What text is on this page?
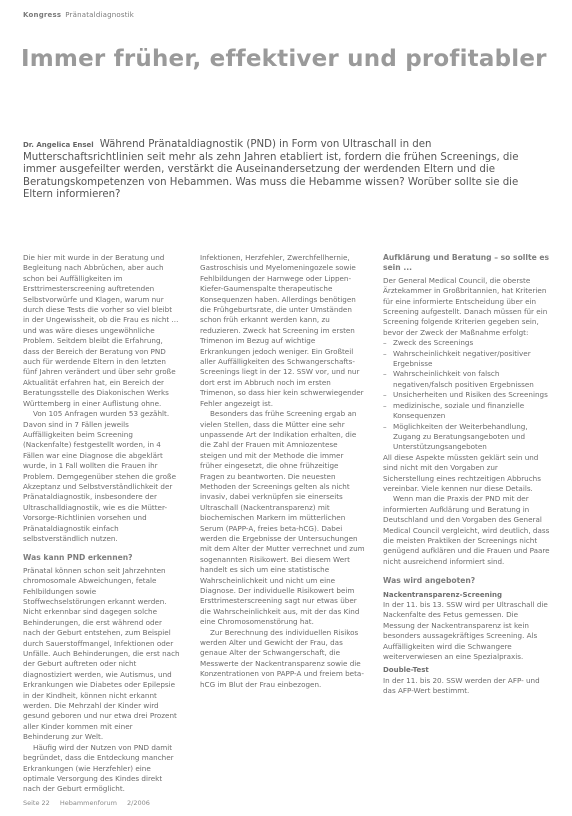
Kongress Pränataldiagnostik
Immer früher, effektiver und profitabler

Dr. Angelica Ensel Während Pränataldiagnostik (PND) in Form von Ultraschall in den Mutterschaftsrichtlinien seit mehr als zehn Jahren etabliert ist, fordern die frühen Screenings, die immer ausgefeilter werden, verstärkt die Auseinandersetzung der werdenden Eltern und die Beratungskompetenzen von Hebammen. Was muss die Hebamme wissen? Worüber sollte sie die Eltern informieren?

Die hier mit wurde in der Beratung und Begleitung nach Abbrüchen, aber auch schon bei Auffälligkeiten im Ersttrimesterscreening auftretenden Selbstvorwürfe und Klagen, warum nur durch diese Tests die vorher so viel bleibt in der Ungewissheit, ob die Frau es nicht ... und was wäre dieses ungewöhnliche Problem. Seitdem bleibt die Erfahrung, dass der Bereich der Beratung von PND auch für werdende Eltern in den letzten fünf Jahren verändert und über sehr große Aktualität erfahren hat, ein Bereich der Beratungsstelle des Diakonischen Werks Württemberg in einer Auflistung ohne.

Von 105 Anfragen wurden 53 gezählt. Davon sind in 7 Fällen jeweils Auffälligkeiten beim Screening (Nackenfalte) festgestellt worden, in 4 Fällen war eine Diagnose die abgeklärt wurde, in 1 Fall wollten die Frauen ihr Problem. Demgegenüber stehen die große Akzeptanz und Selbstverständlichkeit der Pränataldiagnostik, insbesondere der Ultraschalldiagnostik, wie es die Mütter-Vorsorge-Richtlinien vorsehen und Pränataldiagnostik einfach selbstverständlich nutzen.

Was kann PND erkennen?

Pränatal können schon seit Jahrzehnten chromosomale Abweichungen, fetale Fehlbildungen sowie Stoffwechselstörungen erkannt werden. Nicht erkennbar sind dagegen solche Behinderungen, die erst während oder nach der Geburt entstehen, zum Beispiel durch Sauerstoffmangel, Infektionen oder Unfälle. Auch Behinderungen, die erst nach der Geburt auftreten oder nicht diagnostiziert werden, wie Autismus, und Erkrankungen wie Diabetes oder Epilepsie in der Kindheit, können nicht erkannt werden. Die Mehrzahl der Kinder wird gesund geboren und nur etwa drei Prozent aller Kinder kommen mit einer Behinderung zur Welt.

Häufig wird der Nutzen von PND damit begründet, dass die Entdeckung mancher Erkrankungen (wie Herzfehler) eine optimale Versorgung des Kindes direkt nach der Geburt ermöglicht.

Infektionen, Herzfehler, Zwerchfellhernie, Gastroschisis und Myelomeningozele sowie Fehlbildungen der Harnwege oder Lippen-Kiefer-Gaumenspalte therapeutische Konsequenzen haben. Allerdings benötigen die Frühgeburtsrate, die unter Umständen schon früh erkannt werden kann, zu reduzieren. Zweck hat Screening im ersten Trimenon im Bezug auf wichtige Erkrankungen jedoch weniger. Ein Großteil aller Auffälligkeiten des Schwangerschafts-Screenings liegt in der 12. SSW vor, und nur dort erst im Abbruch noch im ersten Trimenon, so dass hier kein schwerwiegender Fehler angezeigt ist.

Besonders das frühe Screening ergab an vielen Stellen, dass die Mütter eine sehr unpassende Art der Indikation erhalten, die die Zahl der Frauen mit Amniozentese steigen und mit der Methode die immer früher eingesetzt, die ohne frühzeitige Fragen zu beantworten. Die neuesten Methoden der Screenings gelten als nicht invasiv, dabei verknüpfen sie einerseits Ultraschall (Nackentransparenz) mit biochemischen Markern im mütterlichen Serum (PAPP-A, freies beta-hCG). Dabei werden die Ergebnisse der Untersuchungen mit dem Alter der Mutter verrechnet und zum sogenannten Risikowert. Bei diesem Wert handelt es sich um eine statistische Wahrscheinlichkeit und nicht um eine Diagnose. Der individuelle Risikowert beim Ersttrimesterscreening sagt nur etwas über die Wahrscheinlichkeit aus, mit der das Kind eine Chromosomenstörung hat.

Zur Berechnung des individuellen Risikos werden Alter und Gewicht der Frau, das genaue Alter der Schwangerschaft, die Messwerte der Nackentransparenz sowie die Konzentrationen von PAPP-A und freiem beta-hCG im Blut der Frau einbezogen.

Aufklärung und Beratung – so sollte es sein ...

Der General Medical Council, die oberste Ärztekammer in Großbritannien, hat Kriterien für eine informierte Entscheidung über ein Screening aufgestellt. Danach müssen für ein Screening folgende Kriterien gegeben sein, bevor der Zweck der Maßnahme erfolgt:

– Zweck des Screenings
– Wahrscheinlichkeit negativer/positiver Ergebnisse
– Wahrscheinlichkeit von falsch negativen/falsch positiven Ergebnissen
– Unsicherheiten und Risiken des Screenings
– medizinische, soziale und finanzielle Konsequenzen
– Möglichkeiten der Weiterbehandlung, Zugang zu Beratungsangeboten und Unterstützungsangeboten

All diese Aspekte müssten geklärt sein und sind nicht mit den Vorgaben zur Sicherstellung eines rechtzeitigen Abbruchs vereinbar. Viele kennen nur diese Details.

Wenn man die Praxis der PND mit der informierten Aufklärung und Beratung in Deutschland und den Vorgaben des General Medical Council vergleicht, wird deutlich, dass die meisten Praktiken der Screenings nicht genügend aufklären und die Frauen und Paare nicht ausreichend informiert sind.

Was wird angeboten?
Nackentransparenz-Screening

In der 11. bis 13. SSW wird per Ultraschall die Nackenfalte des Fetus gemessen. Die Messung der Nackentransparenz ist kein besonders aussagekräftiges Screening. Als Auffälligkeiten wird die Schwangere weiterverwiesen an eine Spezialpraxis.

Double-Test

In der 11. bis 20. SSW werden der AFP- und das AFP-Wert bestimmt.

Seite 22 Hebammenforum 2/2006
